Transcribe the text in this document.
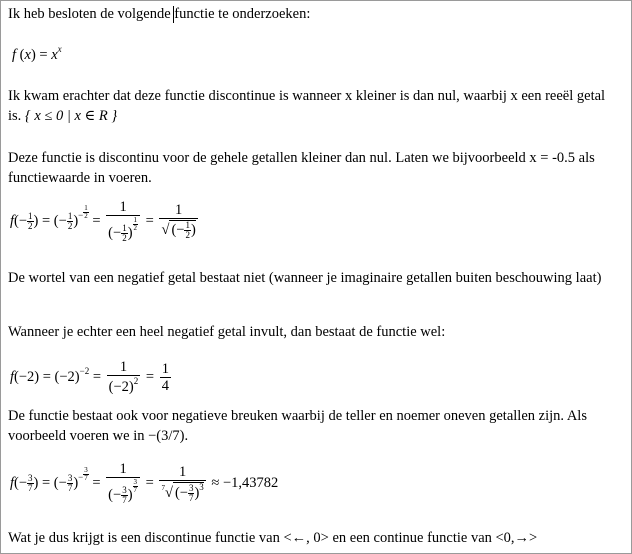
Ik heb besloten de volgende functie te onderzoeken:
f $(x) = x^x$
Ik kwam erachter dat deze functie discontinue is wanneer x kleiner is dan nul, waarbij x een reeël getal is. { x ≤ 0 | x ∈ R }
Deze functie is discontinu voor de gehele getallen kleiner dan nul. Laten we bijvoorbeeld x = -0.5 als functiewaarde in voeren.
$f(- \frac{1}{2}$ ) = (− $\frac{1}{2} )^{- \frac{1}{2}}$
= 1
(− $\frac{1}{2}$ )
$^{\frac{1}{2}} = \frac{1}{√ (- \frac{1}{2} )}$
De wortel van een negatief getal bestaat niet (wanneer je imaginaire getallen buiten beschouwing laat)
Wanneer je echter een heel negatief getal invult, dan bestaat de functie wel:
$f(-2) = (-2)^{-2} = \frac{1}{(-2)^2} = \frac{1}{4}$
De functie bestaat ook voor negatieve breuken waarbij de teller en noemer oneven getallen zijn. Als voorbeeld voeren we in −(3/7).
$f(- \frac{3}{7}$ ) = (− $\frac{3}{7} )^{- \frac{3}{7}}$
= 1
(− $\frac{3}{7}$ )
$^{\frac{3}{7}} = \frac{1}{^7√ (- \frac{3}{7} )^3} \approx -1,43782$
Wat je dus krijgt is een discontinue functie van <←, 0> en een continue functie van <0,→>
